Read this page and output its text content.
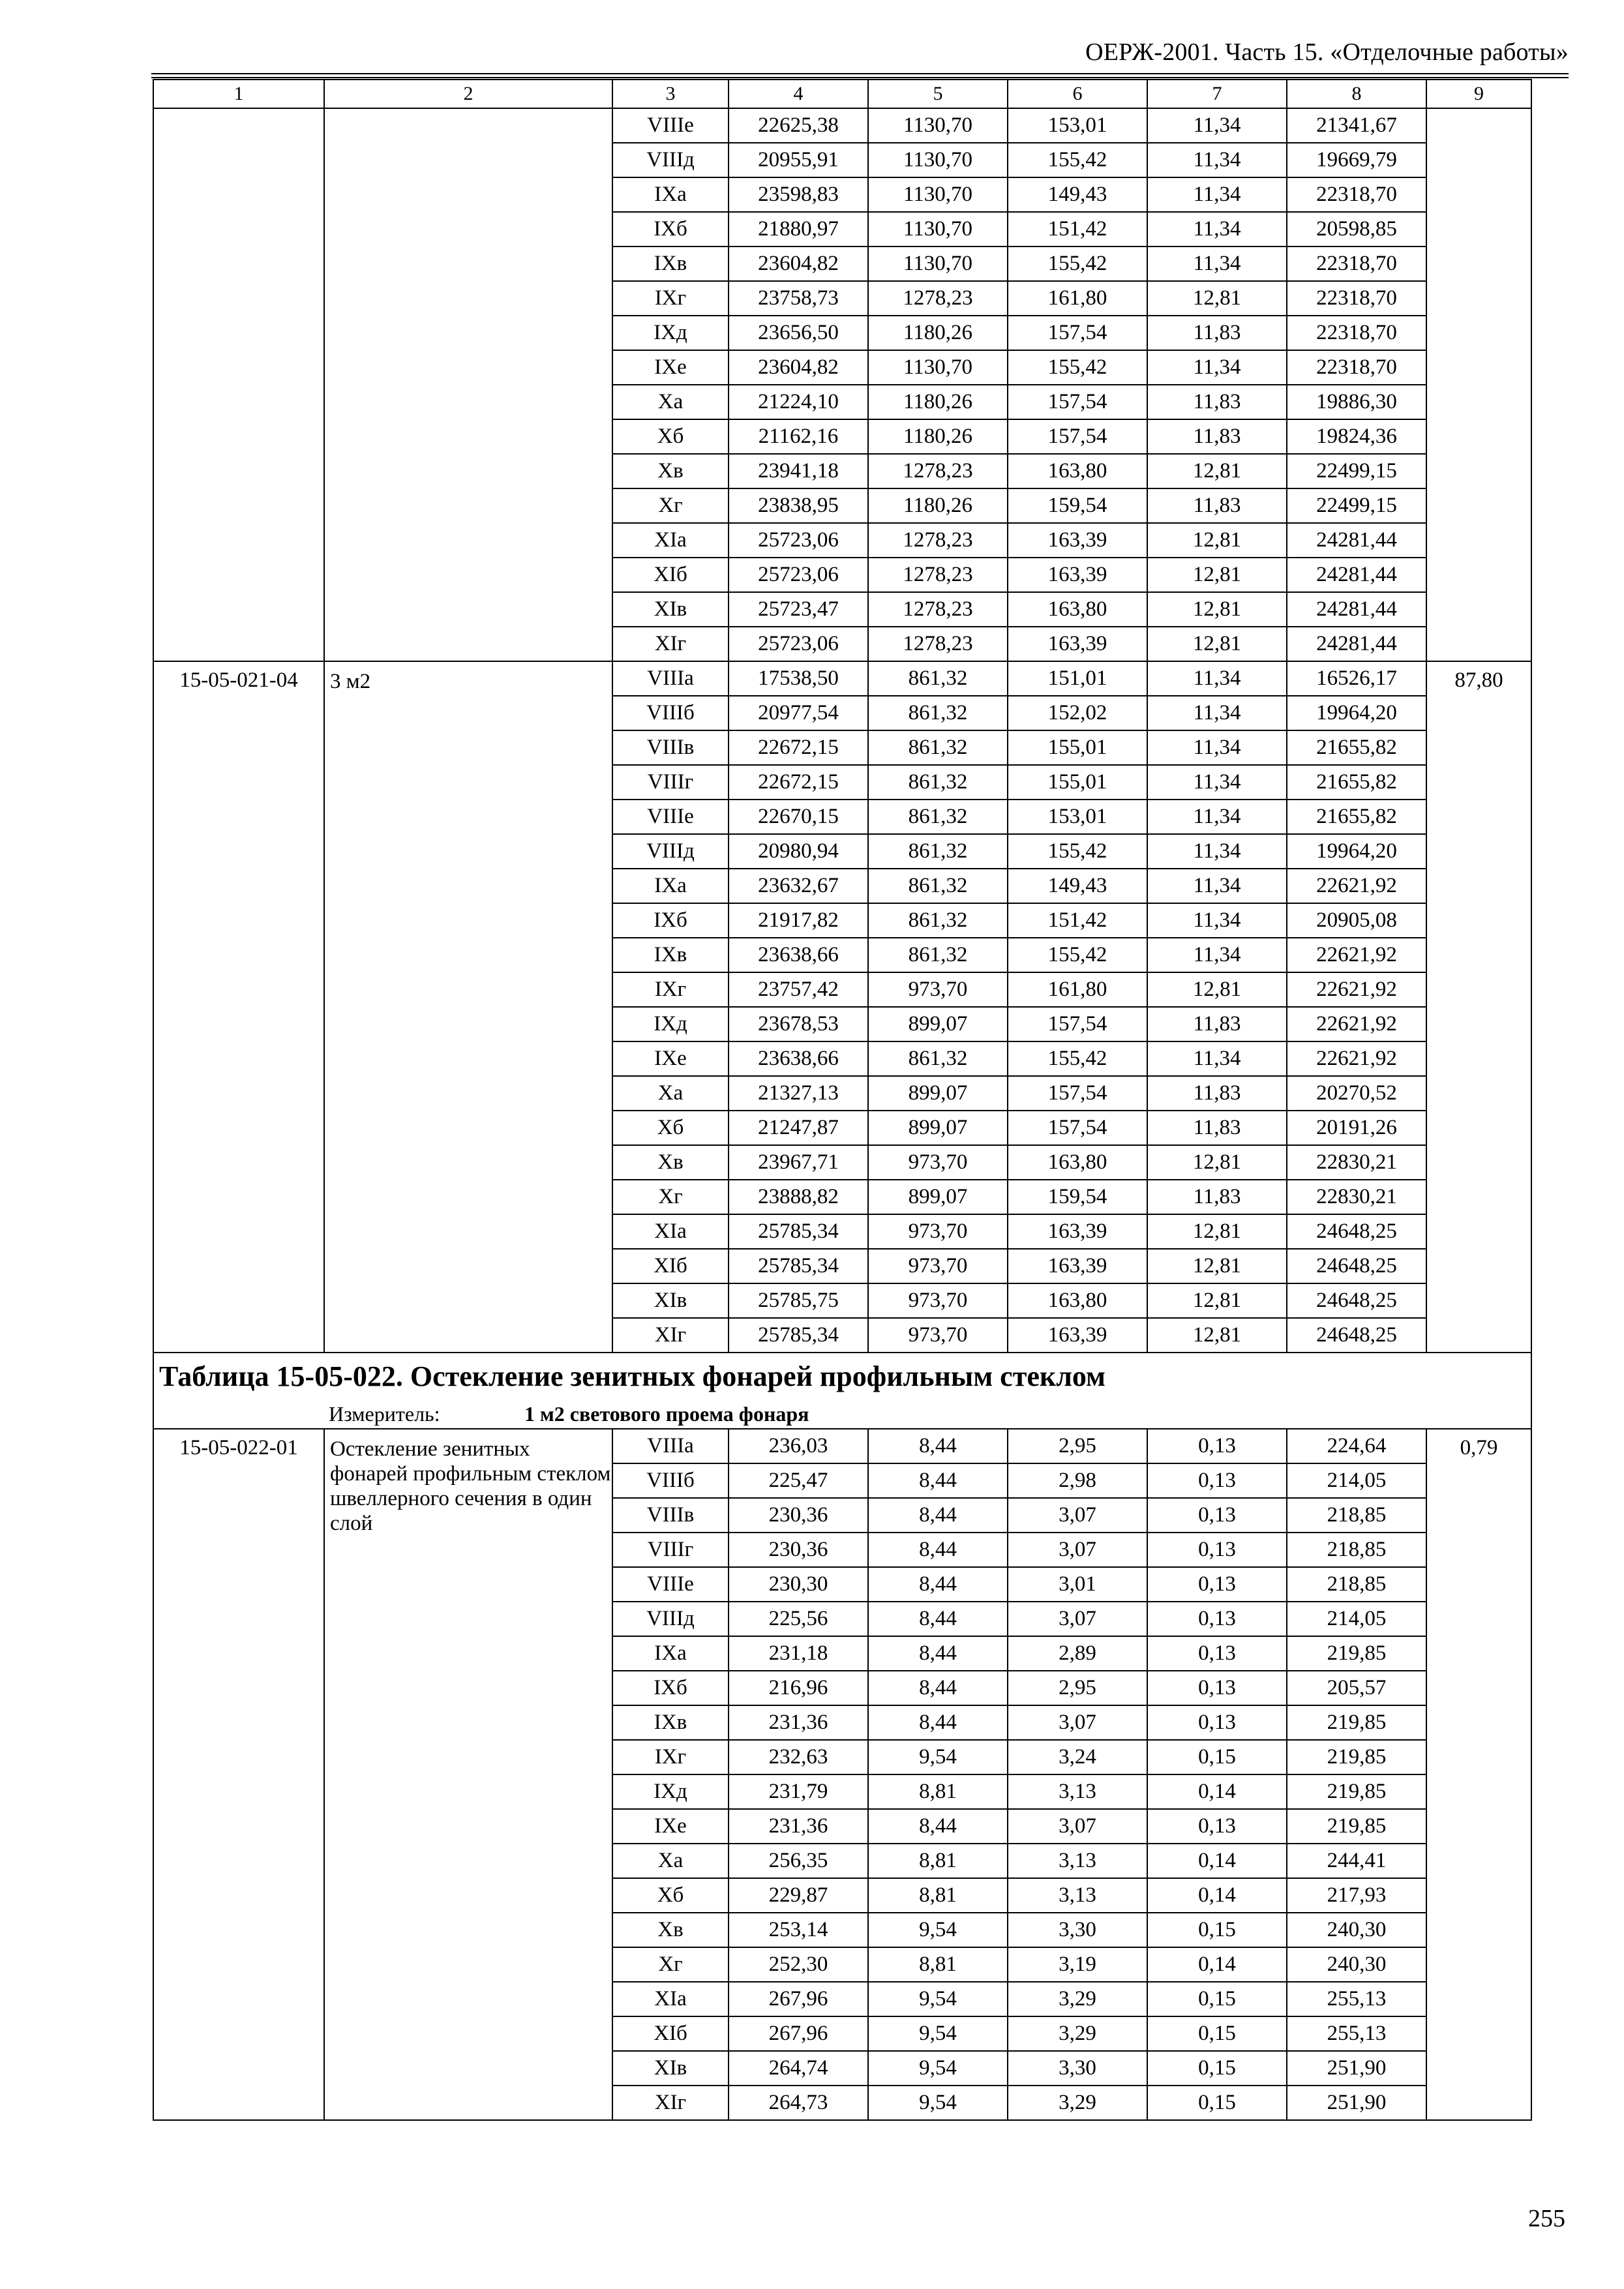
ОЕРЖ-2001. Часть 15. «Отделочные работы»
1	2	3	4	5	6	7	8	9
		VIIIе	22625,38	1130,70	153,01	11,34	21341,67	
		VIIIд	20955,91	1130,70	155,42	11,34	19669,79	
		IXа	23598,83	1130,70	149,43	11,34	22318,70	
		IXб	21880,97	1130,70	151,42	11,34	20598,85	
		IXв	23604,82	1130,70	155,42	11,34	22318,70	
		IXг	23758,73	1278,23	161,80	12,81	22318,70	
		IXд	23656,50	1180,26	157,54	11,83	22318,70	
		IXе	23604,82	1130,70	155,42	11,34	22318,70	
		Xа	21224,10	1180,26	157,54	11,83	19886,30	
		Xб	21162,16	1180,26	157,54	11,83	19824,36	
		Xв	23941,18	1278,23	163,80	12,81	22499,15	
		Xг	23838,95	1180,26	159,54	11,83	22499,15	
		XIа	25723,06	1278,23	163,39	12,81	24281,44	
		XIб	25723,06	1278,23	163,39	12,81	24281,44	
		XIв	25723,47	1278,23	163,80	12,81	24281,44	
		XIг	25723,06	1278,23	163,39	12,81	24281,44	
15-05-021-04	3 м2	VIIIа	17538,50	861,32	151,01	11,34	16526,17	87,80
		VIIIб	20977,54	861,32	152,02	11,34	19964,20	
		VIIIв	22672,15	861,32	155,01	11,34	21655,82	
		VIIIг	22672,15	861,32	155,01	11,34	21655,82	
		VIIIе	22670,15	861,32	153,01	11,34	21655,82	
		VIIIд	20980,94	861,32	155,42	11,34	19964,20	
		IXа	23632,67	861,32	149,43	11,34	22621,92	
		IXб	21917,82	861,32	151,42	11,34	20905,08	
		IXв	23638,66	861,32	155,42	11,34	22621,92	
		IXг	23757,42	973,70	161,80	12,81	22621,92	
		IXд	23678,53	899,07	157,54	11,83	22621,92	
		IXе	23638,66	861,32	155,42	11,34	22621,92	
		Xа	21327,13	899,07	157,54	11,83	20270,52	
		Xб	21247,87	899,07	157,54	11,83	20191,26	
		Xв	23967,71	973,70	163,80	12,81	22830,21	
		Xг	23888,82	899,07	159,54	11,83	22830,21	
		XIа	25785,34	973,70	163,39	12,81	24648,25	
		XIб	25785,34	973,70	163,39	12,81	24648,25	
		XIв	25785,75	973,70	163,80	12,81	24648,25	
		XIг	25785,34	973,70	163,39	12,81	24648,25	

Таблица 15-05-022. Остекление зенитных фонарей профильным стеклом
Измеритель: 1 м2 светового проема фонаря								

15-05-022-01	Остекление зенитных фонарей профильным стеклом швеллерного сечения в один слой	VIIIа	236,03	8,44	2,95	0,13	224,64	0,79
		VIIIб	225,47	8,44	2,98	0,13	214,05	
		VIIIв	230,36	8,44	3,07	0,13	218,85	
		VIIIг	230,36	8,44	3,07	0,13	218,85	
		VIIIе	230,30	8,44	3,01	0,13	218,85	
		VIIIд	225,56	8,44	3,07	0,13	214,05	
		IXа	231,18	8,44	2,89	0,13	219,85	
		IXб	216,96	8,44	2,95	0,13	205,57	
		IXв	231,36	8,44	3,07	0,13	219,85	
		IXг	232,63	9,54	3,24	0,15	219,85	
		IXд	231,79	8,81	3,13	0,14	219,85	
		IXе	231,36	8,44	3,07	0,13	219,85	
		Xа	256,35	8,81	3,13	0,14	244,41	
		Xб	229,87	8,81	3,13	0,14	217,93	
		Xв	253,14	9,54	3,30	0,15	240,30	
		Xг	252,30	8,81	3,19	0,14	240,30	
		XIа	267,96	9,54	3,29	0,15	255,13	
		XIб	267,96	9,54	3,29	0,15	255,13	
		XIв	264,74	9,54	3,30	0,15	251,90	
		XIг	264,73	9,54	3,29	0,15	251,90	
255
